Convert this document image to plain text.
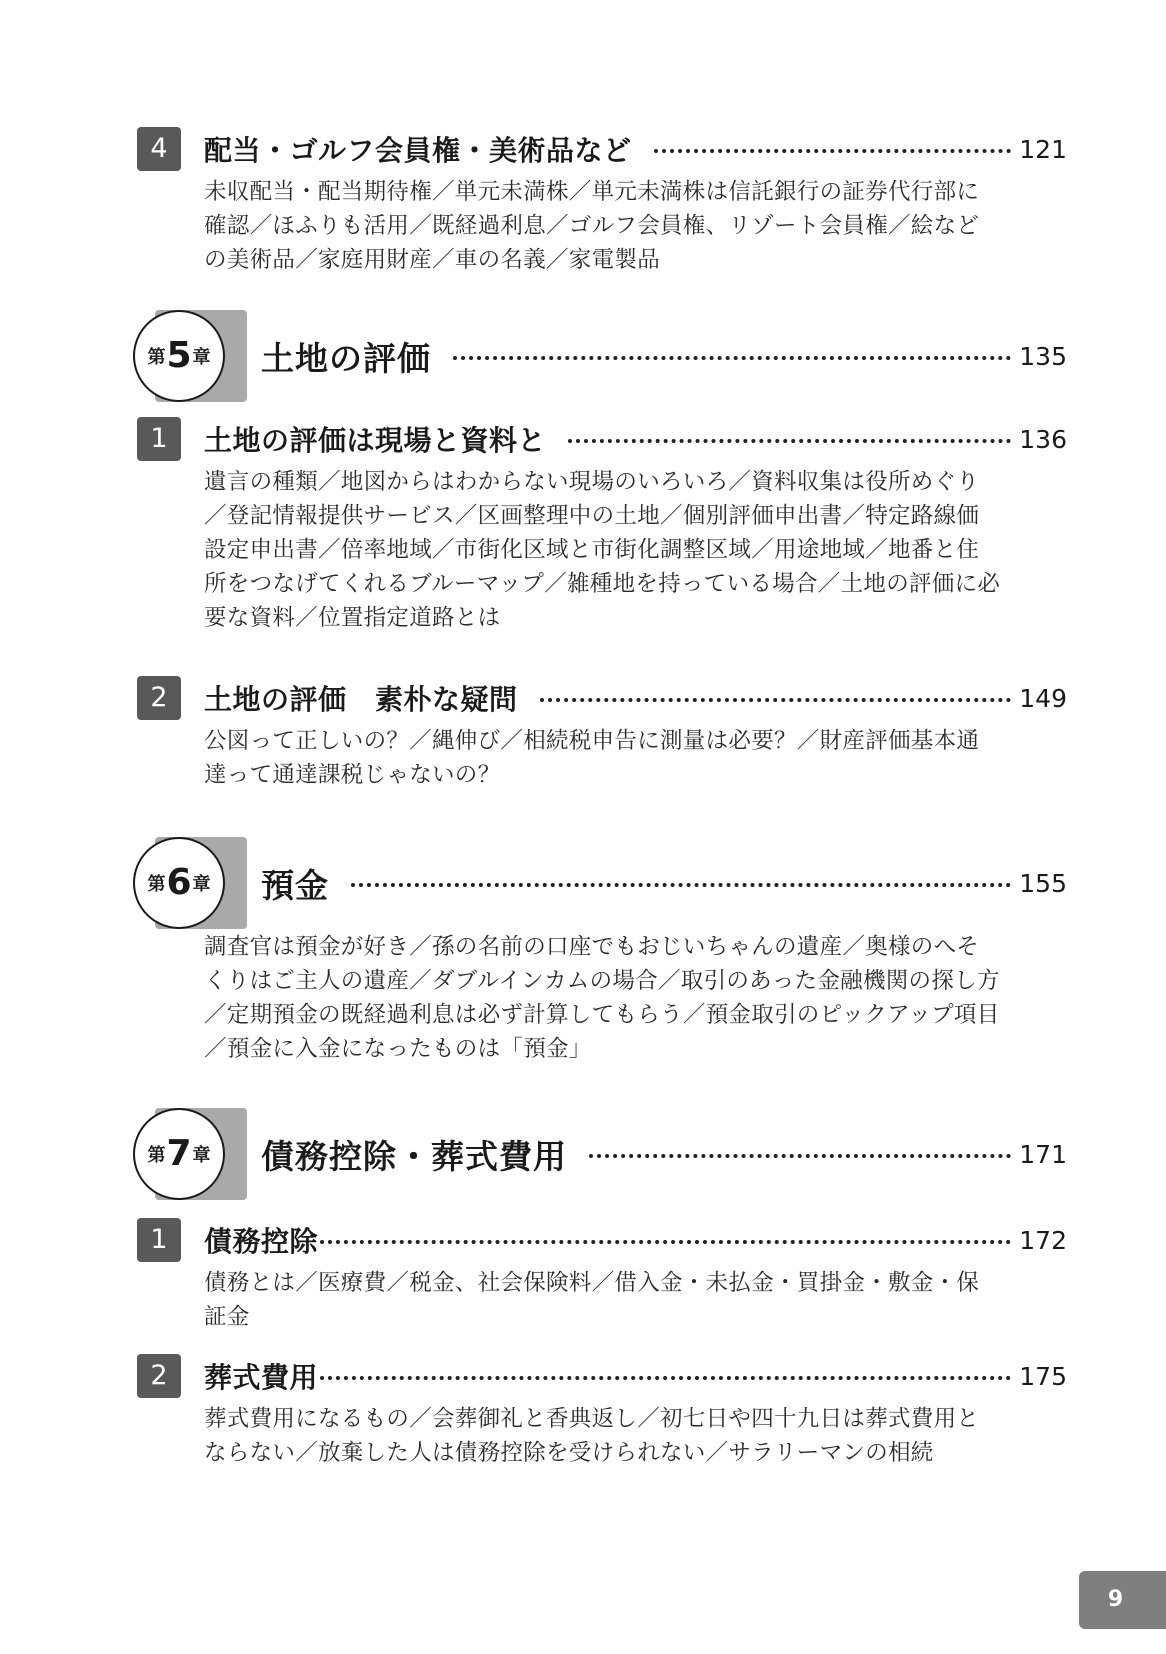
4	配当・ゴルフ会員権・美術品など	121
未収配当・配当期待権／単元未満株／単元未満株は信託銀行の証券代行部に
確認／ほふりも活用／既経過利息／ゴルフ会員権、リゾート会員権／絵など
の美術品／家庭用財産／車の名義／家電製品
第 5 章 土地の評価	135
1	土地の評価は現場と資料と	136
遺言の種類／地図からはわからない現場のいろいろ／資料収集は役所めぐり
／登記情報提供サービス／区画整理中の土地／個別評価申出書／特定路線価
設定申出書／倍率地域／市街化区域と市街化調整区域／用途地域／地番と住
所をつなげてくれるブルーマップ／雑種地を持っている場合／土地の評価に必
要な資料／位置指定道路とは
2	土地の評価　素朴な疑問	149
公図って正しいの？／縄伸び／相続税申告に測量は必要？／財産評価基本通
達って通達課税じゃないの？
第 6 章 預金	155
調査官は預金が好き／孫の名前の口座でもおじいちゃんの遺産／奥様のへそ
くりはご主人の遺産／ダブルインカムの場合／取引のあった金融機関の探し方
／定期預金の既経過利息は必ず計算してもらう／預金取引のピックアップ項目
／預金に入金になったものは「預金」
第 7 章 債務控除・葬式費用	171
1	債務控除	172
債務とは／医療費／税金、社会保険料／借入金・未払金・買掛金・敷金・保
証金
2	葬式費用	175
葬式費用になるもの／会葬御礼と香典返し／初七日や四十九日は葬式費用と
ならない／放棄した人は債務控除を受けられない／サラリーマンの相続
9
